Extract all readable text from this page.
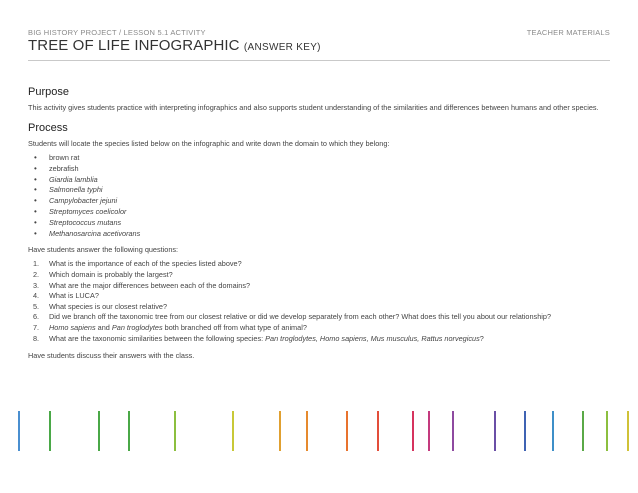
BIG HISTORY PROJECT / LESSON 5.1 ACTIVITY	TEACHER MATERIALS
TREE OF LIFE INFOGRAPHIC (ANSWER KEY)
Purpose

This activity gives students practice with interpreting infographics and also supports student understanding of the similarities and differences between humans and other species.

Process

Students will locate the species listed below on the infographic and write down the domain to which they belong:

• brown rat
• zebrafish
• Giardia lamblia
• Salmonella typhi
• Campylobacter jejuni
• Streptomyces coelicolor
• Streptococcus mutans
• Methanosarcina acetivorans

Have students answer the following questions:

1. What is the importance of each of the species listed above?
2. Which domain is probably the largest?
3. What are the major differences between each of the domains?
4. What is LUCA?
5. What species is our closest relative?
6. Did we branch off the taxonomic tree from our closest relative or did we develop separately from each other? What does this tell you about our relationship?
7. Homo sapiens and Pan troglodytes both branched off from what type of animal?
8. What are the taxonomic similarities between the following species: Pan troglodytes, Homo sapiens, Mus musculus, Rattus norvegicus?

Have students discuss their answers with the class.
